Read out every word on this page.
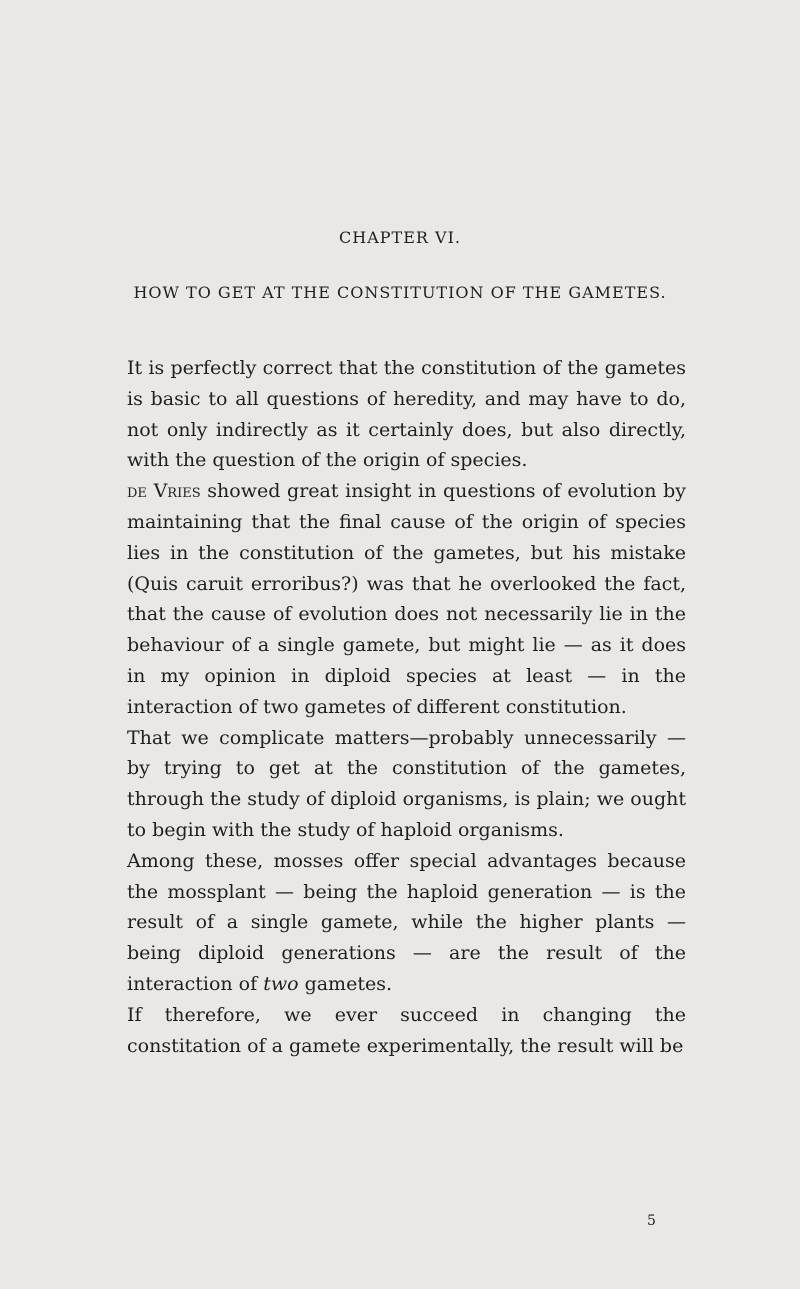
CHAPTER VI.
HOW TO GET AT THE CONSTITUTION OF THE GAMETES.

It is perfectly correct that the constitution of the gametes is basic to all questions of heredity, and may have to do, not only indirectly as it certainly does, but also directly, with the question of the origin of species.

de Vries showed great insight in questions of evolution by maintaining that the final cause of the origin of species lies in the constitution of the gametes, but his mistake (Quis caruit erroribus?) was that he overlooked the fact, that the cause of evolution does not necessarily lie in the behaviour of a single gamete, but might lie — as it does in my opinion in diploid species at least — in the interaction of two gametes of different constitution.

That we complicate matters—probably unnecessarily — by trying to get at the constitution of the gametes, through the study of diploid organisms, is plain; we ought to begin with the study of haploid organisms.

Among these, mosses offer special advantages because the mossplant — being the haploid generation — is the result of a single gamete, while the higher plants — being diploid generations — are the result of the interaction of two gametes.

If therefore, we ever succeed in changing the constitation of a gamete experimentally, the result will be

5
